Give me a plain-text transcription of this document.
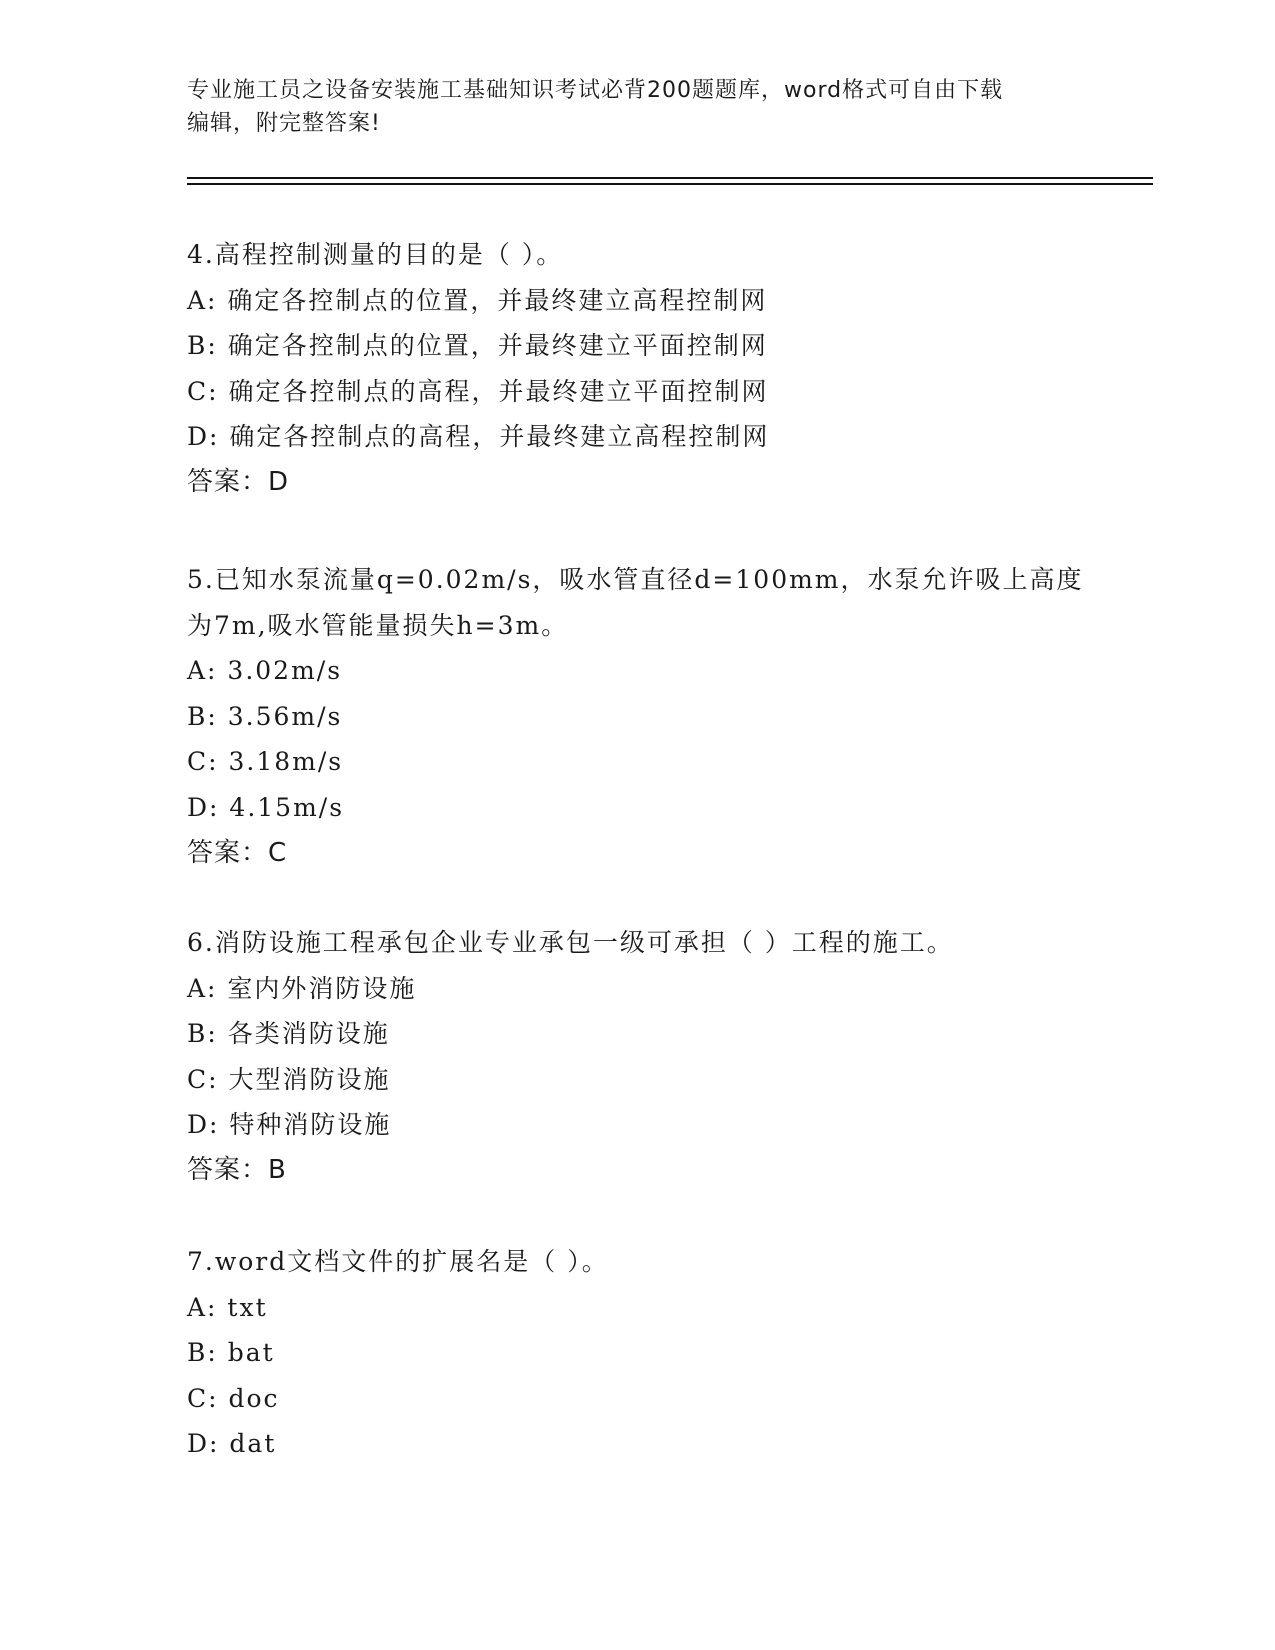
专业施工员之设备安装施工基础知识考试必背200题题库，word格式可自由下载
编辑，附完整答案!
4.高程控制测量的目的是（ ）。
A: 确定各控制点的位置，并最终建立高程控制网
B: 确定各控制点的位置，并最终建立平面控制网
C: 确定各控制点的高程，并最终建立平面控制网
D: 确定各控制点的高程，并最终建立高程控制网
答案：D
5.已知水泵流量q=0.02m/s，吸水管直径d=100mm，水泵允许吸上高度
为7m,吸水管能量损失h=3m。
A: 3.02m/s
B: 3.56m/s
C: 3.18m/s
D: 4.15m/s
答案：C
6.消防设施工程承包企业专业承包一级可承担（ ）工程的施工。
A: 室内外消防设施
B: 各类消防设施
C: 大型消防设施
D: 特种消防设施
答案：B
7.word文档文件的扩展名是（ ）。
A: txt
B: bat
C: doc
D: dat
